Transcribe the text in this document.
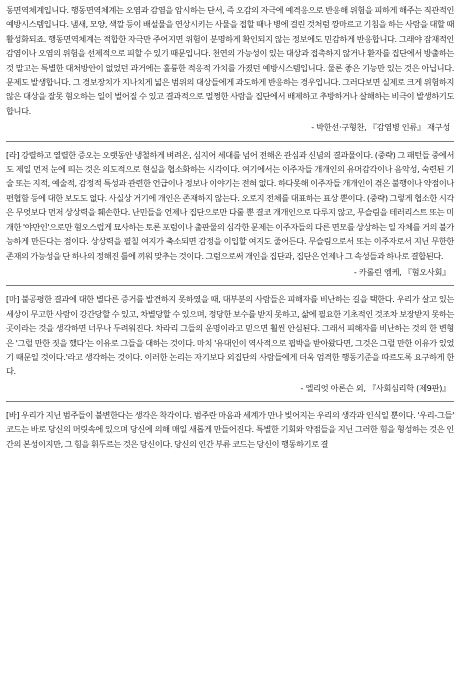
동면역체계입니다. 행동면역체계는 오염과 감염을 암시하는 단서, 즉 오감의 자극에 예격응으로 반응해 위험을 피하게 해주는 직관적인 예방시스템입니다. 냄새, 모양, 색깔 등이 배설물을 연상시키는 사물을 접할 때나 병에 걸린 것처럼 깡마르고 기침을 하는 사람을 대할 때 활성화되죠. 행동면역체계는 적합한 자극만 주어지면 위험이 분명하게 확인되지 않는 정보에도 민감하게 반응합니다. 그래야 잠재적인 감염이나 오염의 위험을 선제적으로 피할 수 있기 때문입니다. 천연의 가능성이 있는 대상과 접촉하지 않거나 환자를 집단에서 방출하는 것 말고는 특별한 대처방안이 없었던 과거에는 훌륭한 적응적 가치를 가졌던 예방시스템입니다. 물론 좋은 기능만 있는 것은 아닙니다. 문제도 발생합니다. 그 경보장치가 지나치게 넓은 범위의 대상들에게 과도하게 반응하는 경우입니다. 그러다보면 실제로 크게 위험하지 않은 대상을 잘못 혐오하는 일이 벌어질 수 있고 결과적으로 멀쩡한 사람을 집단에서 배제하고 추방하거나 살해하는 비극이 발생하기도 합니다.

- 박한선·구형찬, 『감염병 인류』 재구성

[라] 강렬하고 열렬한 증오는 오랫동안 냉철하게 벼려온, 심지어 세대를 넘어 전해온 관심과 신념의 결과물이다. (중략) 그 패턴들 중에서도 제일 먼저 눈에 띄는 것은 의도적으로 현실을 협소화하는 시각이다. 여기에서는 이주자들 개개인의 유머감각이나 음악성, 숙련된 기술 또는 지적, 예술적, 감정적 특성과 관련한 언급이나 정보나 이야기는 전혀 없다. 하다못해 이주자들 개개인이 겪은 불행이나 약점이나 편협함 등에 대한 보도도 없다. 사실상 거기에 개인은 존재하지 않는다. 오로지 전체를 대표하는 표상 뿐이다. (중략) 그렇게 협소한 시각은 무엇보다 먼저 상상력을 훼손한다. 난민들을 언제나 집단으로만 다룰 뿐 결코 개개인으로 다루지 않고, 무슬림을 테러리스트 또는 미개한 '야만인'으로만 혐오스럽게 묘사하는 토론 포럼이나 출판물의 심각한 문제는 이주자들의 다른 면모를 상상하는 일 자체를 거의 불가능하게 만든다는 점이다. 상상력을 펼칠 여지가 축소되면 감정을 이입할 여지도 줄어든다. 무슬림으로서 또는 이주자로서 지닌 무한한 존재의 가능성을 단 하나의 정해진 틀에 끼워 맞추는 것이다. 그럼으로써 개인을 집단과, 집단은 언제나 그 속성들과 하나로 결합된다.

- 카롤린 엠케, 『혐오사회』

[마] 불공평한 결과에 대한 별다른 증거를 발견하지 못하였을 때, 대부분의 사람들은 피해자를 비난하는 길을 택한다. 우리가 살고 있는 세상이 무고한 사람이 강간당할 수 있고, 차별당할 수 있으며, 정당한 보수를 받지 못하고, 삶에 필요한 기초적인 것조차 보장받지 못하는 곳이라는 것을 생각하면 너무나 두려워진다. 차라리 그들의 운명이라고 믿으면 훨씬 안심된다. 그래서 피해자를 비난하는 것의 한 변형은 '그럴 만한 짓을 했다'는 이유로 그들을 대하는 것이다. 마치 '유대인이 역사적으로 핍박을 받아왔다면, 그것은 그럴 만한 이유가 있었기 때문일 것이다.'라고 생각하는 것이다. 이러한 논리는 자기보다 외집단의 사람들에게 더욱 엄격한 행동기준을 따르도록 요구하게 한다.

- 엘리엇 아론슨 외, 『사회심리학 (제9판)』

[바] 우리가 지닌 범주들이 불변한다는 생각은 착각이다. 범주란 마음과 세계가 만나 빚어지는 우리의 생각과 인식일 뿐이다. '우리-그들' 코드는 바로 당신의 머릿속에 있으며 당신에 의해 매일 새롭게 만들어진다. 특별한 기회와 약점들을 지닌 그러한 힘을 형성하는 것은 인간의 본성이지만, 그 힘을 휘두르는 것은 당신이다. 당신의 인간 부류 코드는 당신이 행동하기로 결
